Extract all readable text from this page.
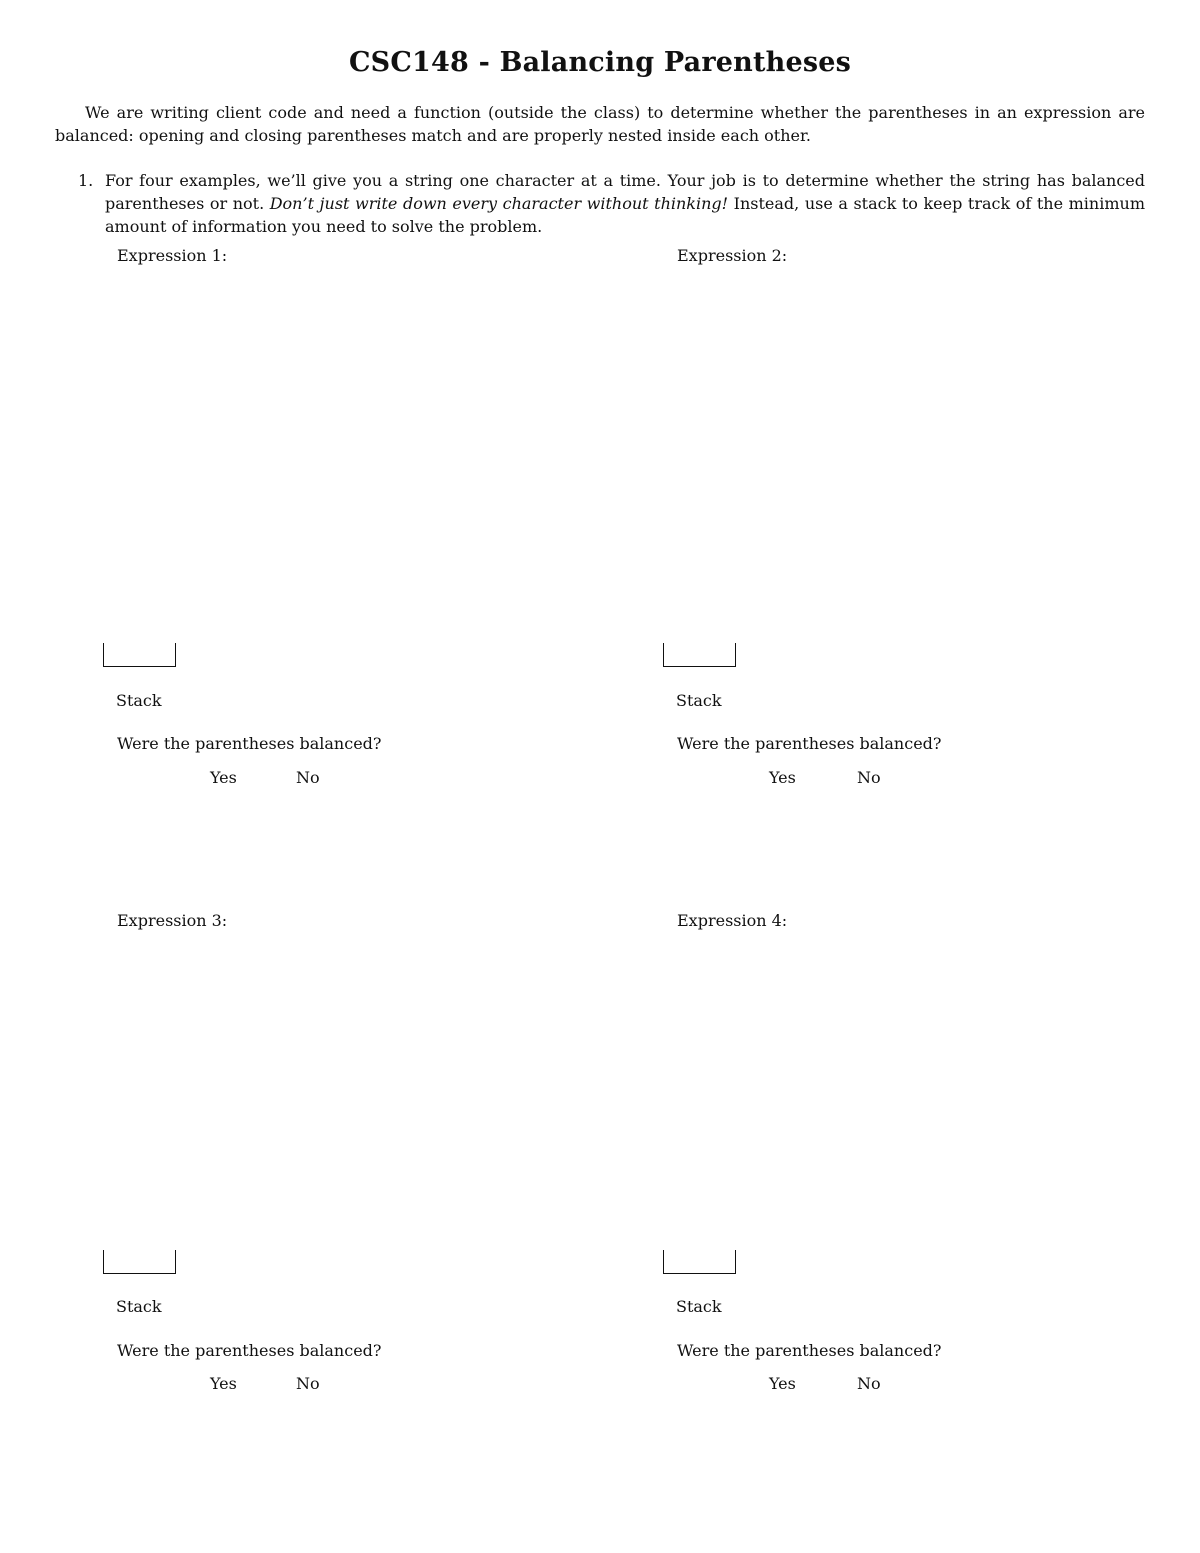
CSC148 - Balancing Parentheses
We are writing client code and need a function (outside the class) to determine whether the parentheses in an expression are balanced: opening and closing parentheses match and are properly nested inside each other.
1. For four examples, we’ll give you a string one character at a time. Your job is to determine whether the string has balanced parentheses or not. Don’t just write down every character without thinking! Instead, use a stack to keep track of the minimum amount of information you need to solve the problem.
Expression 1:
Stack
Were the parentheses balanced?
Yes	No
Expression 2:
Stack
Were the parentheses balanced?
Yes	No
Expression 3:
Stack
Were the parentheses balanced?
Yes	No
Expression 4:
Stack
Were the parentheses balanced?
Yes	No
